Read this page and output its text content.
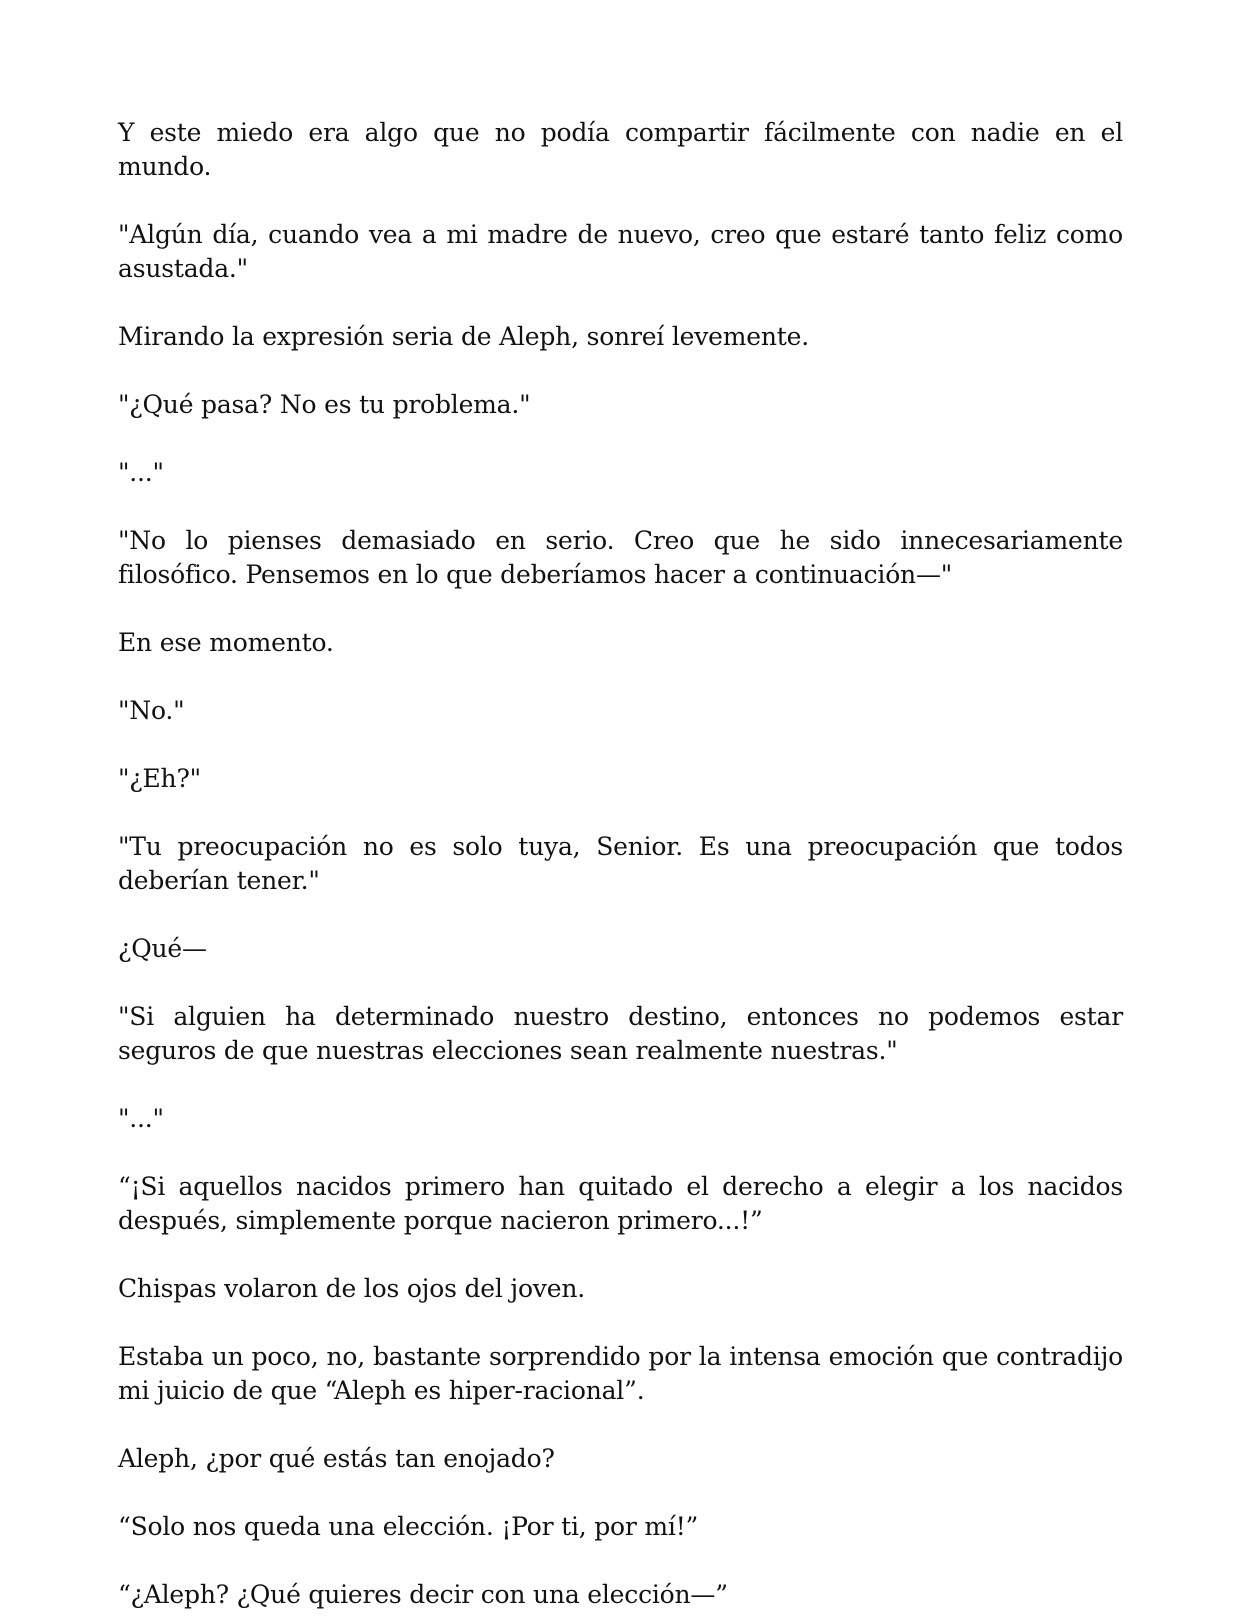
Y este miedo era algo que no podía compartir fácilmente con nadie en el mundo.

"Algún día, cuando vea a mi madre de nuevo, creo que estaré tanto feliz como asustada."

Mirando la expresión seria de Aleph, sonreí levemente.

"¿Qué pasa? No es tu problema."

"..."

"No lo pienses demasiado en serio. Creo que he sido innecesariamente filosófico. Pensemos en lo que deberíamos hacer a continuación—"

En ese momento.

"No."

"¿Eh?"

"Tu preocupación no es solo tuya, Senior. Es una preocupación que todos deberían tener."

¿Qué—

"Si alguien ha determinado nuestro destino, entonces no podemos estar seguros de que nuestras elecciones sean realmente nuestras."

"..."

“¡Si aquellos nacidos primero han quitado el derecho a elegir a los nacidos después, simplemente porque nacieron primero...!”

Chispas volaron de los ojos del joven.

Estaba un poco, no, bastante sorprendido por la intensa emoción que contradijo mi juicio de que “Aleph es hiper-racional”.

Aleph, ¿por qué estás tan enojado?

“Solo nos queda una elección. ¡Por ti, por mí!”

“¿Aleph? ¿Qué quieres decir con una elección—”
